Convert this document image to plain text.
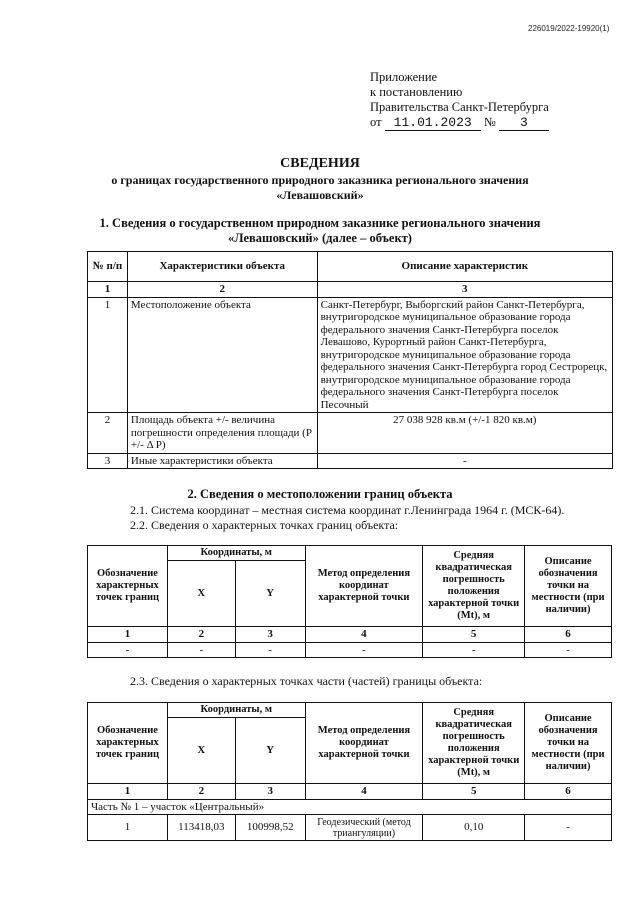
226019/2022-19920(1)
Приложение
к постановлению
Правительства Санкт-Петербурга
от 11.01.2023 № 3
СВЕДЕНИЯ
о границах государственного природного заказника регионального значения
«Левашовский»
1. Сведения о государственном природном заказнике регионального значения
«Левашовский» (далее – объект)
№ п/п	Характеристики объекта	Описание характеристик
1	2	3
1	Местоположение объекта	Санкт-Петербург, Выборгский район Санкт-Петербурга, внутригородское муниципальное образование города федерального значения Санкт-Петербурга поселок Левашово, Курортный район Санкт-Петербурга, внутригородское муниципальное образование города федерального значения Санкт-Петербурга город Сестрорецк, внутригородское муниципальное образование города федерального значения Санкт-Петербурга поселок Песочный
2	Площадь объекта +/- величина погрешности определения площади (P +/- Δ P)	27 038 928 кв.м (+/-1 820 кв.м)
3	Иные характеристики объекта	-
2. Сведения о местоположении границ объекта
2.1. Система координат – местная система координат г.Ленинграда 1964 г. (МСК-64).
2.2. Сведения о характерных точках границ объекта:
Обозначение характерных точек границ	Координаты, м		Метод определения координат характерной точки	Средняя квадратическая погрешность положения характерной точки (Mt), м	Описание обозначения точки на местности (при наличии)
	X	Y			
1	2	3	4	5	6
-	-	-	-	-	-
2.3. Сведения о характерных точках части (частей) границы объекта:
Обозначение характерных точек границ	Координаты, м		Метод определения координат характерной точки	Средняя квадратическая погрешность положения характерной точки (Mt), м	Описание обозначения точки на местности (при наличии)
	X	Y			
1	2	3	4	5	6
Часть № 1 – участок «Центральный»					
1	113418,03	100998,52	Геодезический (метод триангуляции)	0,10	-
